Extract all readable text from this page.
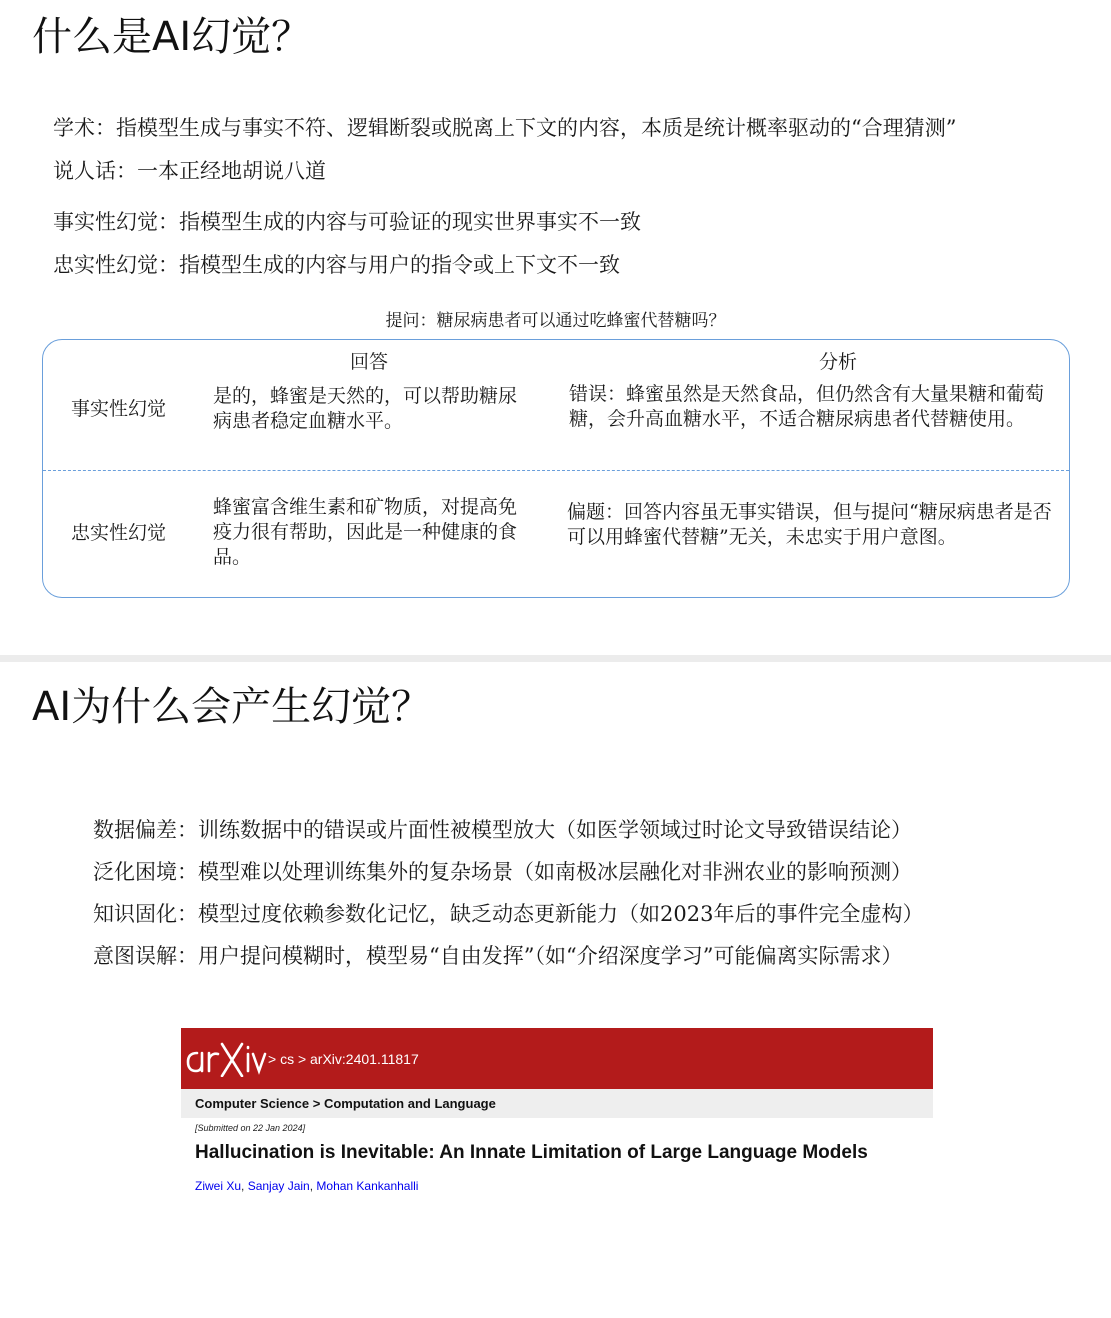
什么是AI幻觉？

学术：指模型生成与事实不符、逻辑断裂或脱离上下文的内容，本质是统计概率驱动的“合理猜测”

说人话：一本正经地胡说八道

事实性幻觉：指模型生成的内容与可验证的现实世界事实不一致

忠实性幻觉：指模型生成的内容与用户的指令或上下文不一致

提问：糖尿病患者可以通过吃蜂蜜代替糖吗？
回答	分析
事实性幻觉

是的，蜂蜜是天然的，可以帮助糖尿病患者稳定血糖水平。

错误：蜂蜜虽然是天然食品，但仍然含有大量果糖和葡萄糖，会升高血糖水平，不适合糖尿病患者代替糖使用。

忠实性幻觉

蜂蜜富含维生素和矿物质，对提高免疫力很有帮助，因此是一种健康的食品。

偏题：回答内容虽无事实错误，但与提问“糖尿病患者是否可以用蜂蜜代替糖”无关，未忠实于用户意图。

AI为什么会产生幻觉？

数据偏差：训练数据中的错误或片面性被模型放大（如医学领域过时论文导致错误结论）

泛化困境：模型难以处理训练集外的复杂场景（如南极冰层融化对非洲农业的影响预测）

知识固化：模型过度依赖参数化记忆，缺乏动态更新能力（如2023年后的事件完全虚构）

意图误解：用户提问模糊时，模型易“自由发挥”（如“介绍深度学习”可能偏离实际需求）

> cs > arXiv:2401.11817
Computer Science > Computation and Language
[Submitted on 22 Jan 2024]
Hallucination is Inevitable: An Innate Limitation of Large Language Models
Ziwei Xu, Sanjay Jain, Mohan Kankanhalli
